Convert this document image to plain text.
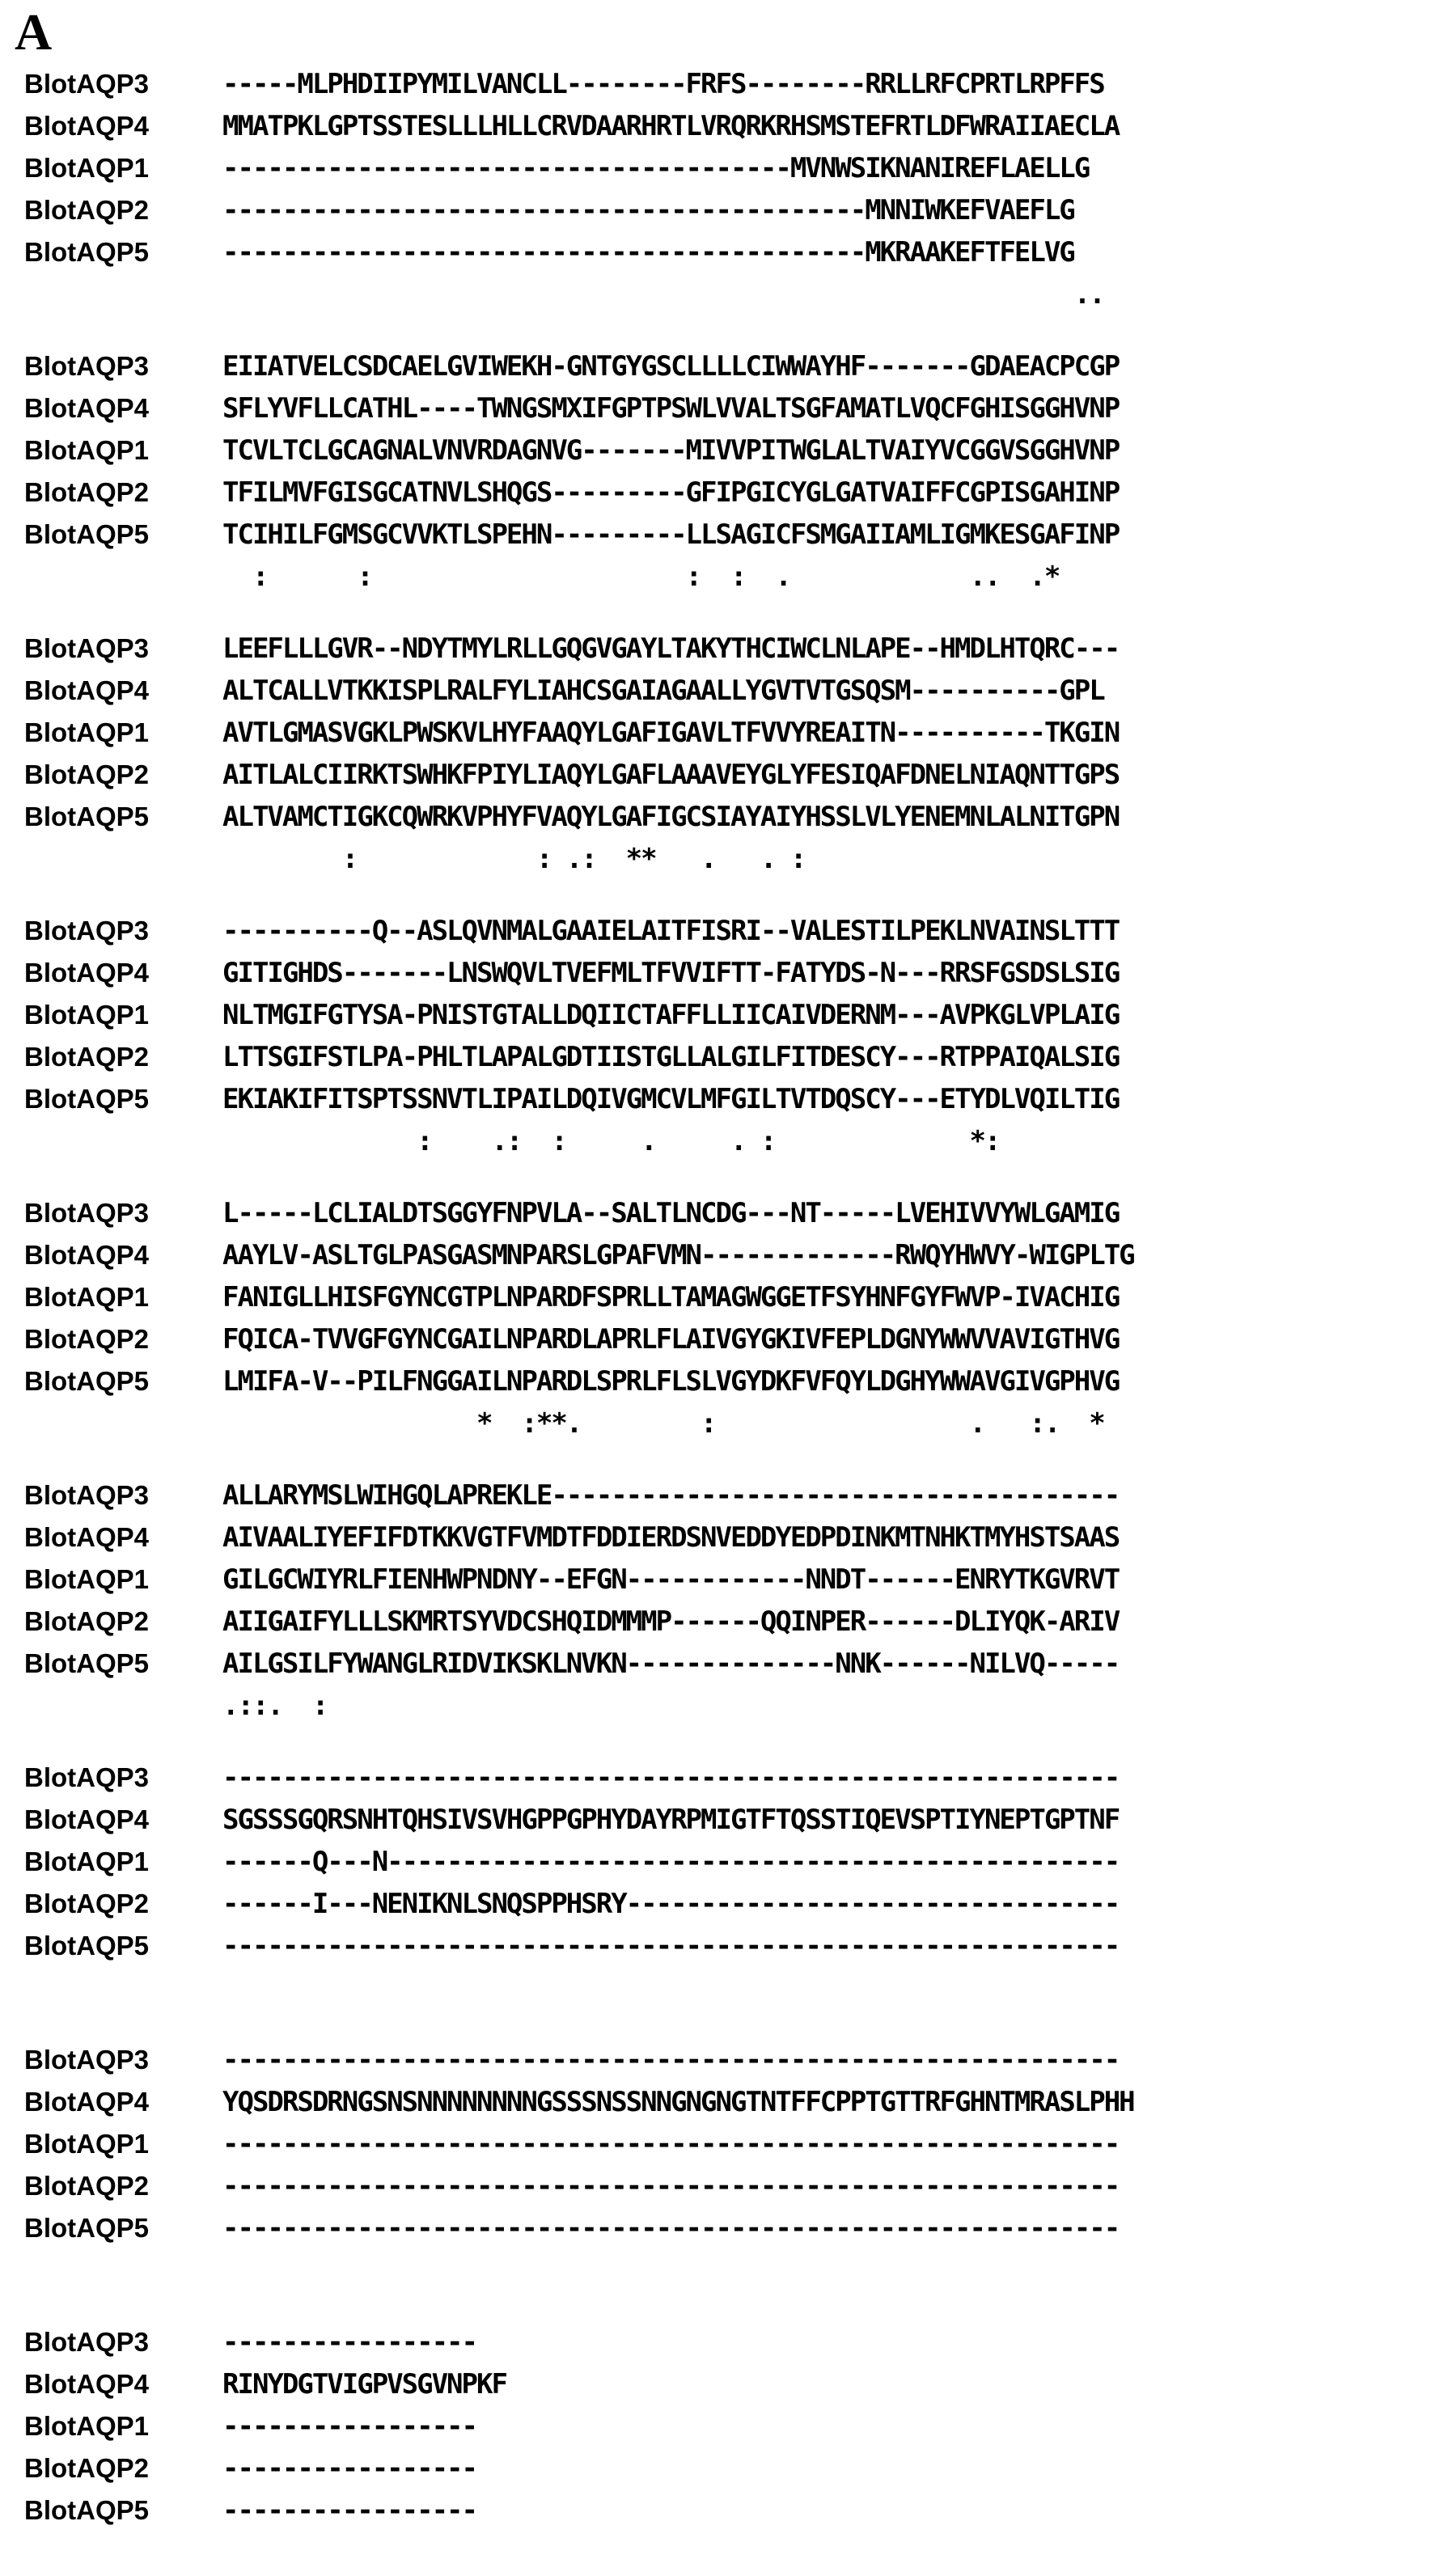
A
BlotAQP3	-----MLPHDIIPYMILVANCLL--------FRFS--------RRLLRFCPRTLRPFFS
BlotAQP4	MMATPKLGPTSSTESLLLHLLCRVDAARHRTLVRQRKRHSMSTEFRTLDFWRAIIAECLA
BlotAQP1	--------------------------------------MVNWSIKNANIREFLAELLG
BlotAQP2	-------------------------------------------MNNIWKEFVAEFLG
BlotAQP5	-------------------------------------------MKRAAKEFTFELVG
..
BlotAQP3	EIIATVELCSDCAELGVIWEKH-GNTGYGSCLLLLCIWWAYHF-------GDAEACPCGP
BlotAQP4	SFLYVFLLCATHL----TWNGSMXIFGPTPSWLVVALTSGFAMATLVQCFGHISGGHVNP
BlotAQP1	TCVLTCLGCAGNALVNVRDAGNVG-------MIVVPITWGLALTVAIYVCGGVSGGHVNP
BlotAQP2	TFILMVFGISGCATNVLSHQGS---------GFIPGICYGLGATVAIFFCGPISGAHINP
BlotAQP5	TCIHILFGMSGCVVKTLSPEHN---------LLSAGICFSMGAIIAMLIGMKESGAFINP
:      :                     :  :  .            ..  .*
BlotAQP3	LEEFLLLGVR--NDYTMYLRLLGQGVGAYLTAKYTHCIWCLNLAPE--HMDLHTQRC---
BlotAQP4	ALTCALLVTKKISPLRALFYLIAHCSGAIAGAALLYGVTVTGSQSM----------GPL
BlotAQP1	AVTLGMASVGKLPWSKVLHYFAAQYLGAFIGAVLTFVVYREAITN----------TKGIN
BlotAQP2	AITLALCIIRKTSWHKFPIYLIAQYLGAFLAAAVEYGLYFESIQAFDNELNIAQNTTGPS
BlotAQP5	ALTVAMCTIGKCQWRKVPHYFVAQYLGAFIGCSIAYAIYHSSLVLYENEMNLALNITGPN
:            : .:  **   .   . :
BlotAQP3	----------Q--ASLQVNMALGAAIELAITFISRI--VALESTILPEKLNVAINSLTTT
BlotAQP4	GITIGHDS-------LNSWQVLTVEFMLTFVVIFTT-FATYDS-N---RRSFGSDSLSIG
BlotAQP1	NLTMGIFGTYSA-PNISTGTALLDQIICTAFFLLIICAIVDERNM---AVPKGLVPLAIG
BlotAQP2	LTTSGIFSTLPA-PHLTLAPALGDTIISTGLLALGILFITDESCY---RTPPAIQALSIG
BlotAQP5	EKIAKIFITSPTSSNVTLIPAILDQIVGMCVLMFGILTVTDQSCY---ETYDLVQILTIG
:    .:  :     .     . :             *:
BlotAQP3	L-----LCLIALDTSGGYFNPVLA--SALTLNCDG---NT-----LVEHIVVYWLGAMIG
BlotAQP4	AAYLV-ASLTGLPASGASMNPARSLGPAFVMN-------------RWQYHWVY-WIGPLTG
BlotAQP1	FANIGLLHISFGYNCGTPLNPARDFSPRLLTAMAGWGGETFSYHNFGYFWVP-IVACHIG
BlotAQP2	FQICA-TVVGFGYNCGAILNPARDLAPRLFLAIVGYGKIVFEPLDGNYWWVVAVIGTHVG
BlotAQP5	LMIFA-V--PILFNGGAILNPARDLSPRLFLSLVGYDKFVFQYLDGHYWWAVGIVGPHVG
*  :**.        :                 .   :.  *
BlotAQP3	ALLARYMSLWIHGQLAPREKLE--------------------------------------
BlotAQP4	AIVAALIYEFIFDTKKVGTFVMDTFDDIERDSNVEDDYEDPDINKMTNHKTMYHSTSAAS
BlotAQP1	GILGCWIYRLFIENHWPNDNY--EFGN------------NNDT------ENRYTKGVRVT
BlotAQP2	AIIGAIFYLLLSKMRTSYVDCSHQIDMMMP------QQINPER------DLIYQK-ARIV
BlotAQP5	AILGSILFYWANGLRIDVIKSKLNVKN--------------NNK------NILVQ-----
.::.  :
BlotAQP3	------------------------------------------------------------
BlotAQP4	SGSSSGQRSNHTQHSIVSVHGPPGPHYDAYRPMIGTFTQSSTIQEVSPTIYNEPTGPTNF
BlotAQP1	------Q---N-------------------------------------------------
BlotAQP2	------I---NENIKNLSNQSPPHSRY---------------------------------
BlotAQP5	------------------------------------------------------------
BlotAQP3	------------------------------------------------------------
BlotAQP4	YQSDRSDRNGSNSNNNNNNNNGSSSNSSNNGNGNGTNTFFCPPTGTTRFGHNTMRASLPHH
BlotAQP1	------------------------------------------------------------
BlotAQP2	------------------------------------------------------------
BlotAQP5	------------------------------------------------------------
BlotAQP3	-----------------
BlotAQP4	RINYDGTVIGPVSGVNPKF
BlotAQP1	-----------------
BlotAQP2	-----------------
BlotAQP5	-----------------
